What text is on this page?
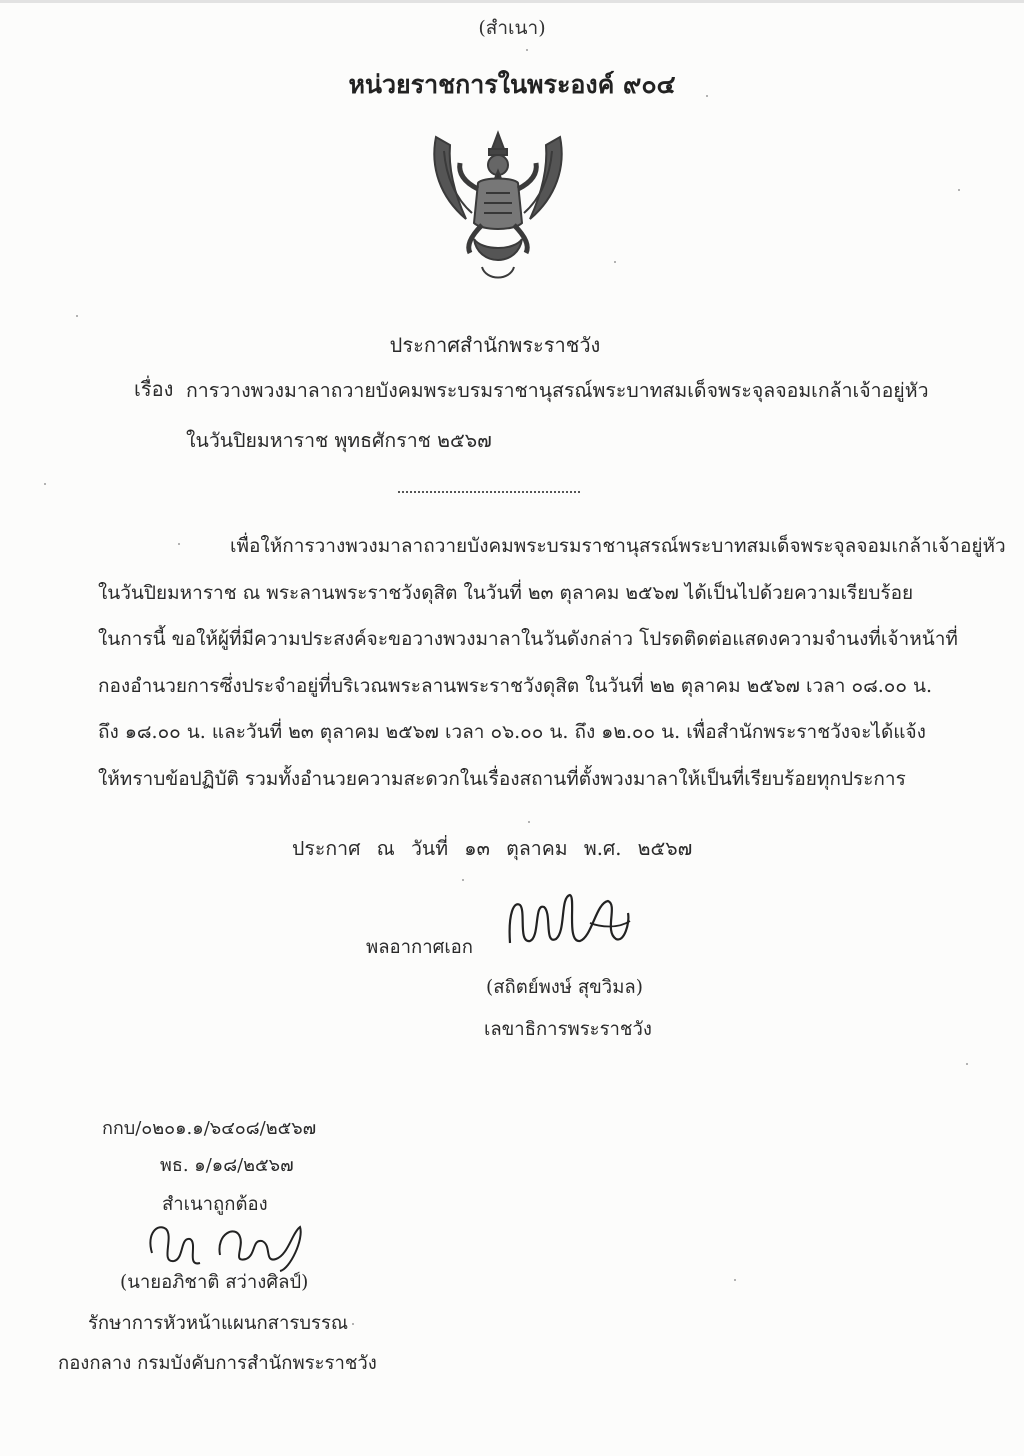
(สำเนา)
หน่วยราชการในพระองค์ ๙๐๔
ประกาศสำนักพระราชวัง
เรื่อง การวางพวงมาลาถวายบังคมพระบรมราชานุสรณ์พระบาทสมเด็จพระจุลจอมเกล้าเจ้าอยู่หัว
ในวันปิยมหาราช พุทธศักราช ๒๕๖๗
เพื่อให้การวางพวงมาลาถวายบังคมพระบรมราชานุสรณ์พระบาทสมเด็จพระจุลจอมเกล้าเจ้าอยู่หัว
ในวันปิยมหาราช ณ พระลานพระราชวังดุสิต ในวันที่ ๒๓ ตุลาคม ๒๕๖๗ ได้เป็นไปด้วยความเรียบร้อย
ในการนี้ ขอให้ผู้ที่มีความประสงค์จะขอวางพวงมาลาในวันดังกล่าว โปรดติดต่อแสดงความจำนงที่เจ้าหน้าที่
กองอำนวยการซึ่งประจำอยู่ที่บริเวณพระลานพระราชวังดุสิต ในวันที่ ๒๒ ตุลาคม ๒๕๖๗ เวลา ๐๘.๐๐ น.
ถึง ๑๘.๐๐ น. และวันที่ ๒๓ ตุลาคม ๒๕๖๗ เวลา ๐๖.๐๐ น. ถึง ๑๒.๐๐ น. เพื่อสำนักพระราชวังจะได้แจ้ง
ให้ทราบข้อปฏิบัติ รวมทั้งอำนวยความสะดวกในเรื่องสถานที่ตั้งพวงมาลาให้เป็นที่เรียบร้อยทุกประการ
ประกาศ ณ วันที่ ๑๓ ตุลาคม พ.ศ. ๒๕๖๗
พลอากาศเอก
(สถิตย์พงษ์ สุขวิมล)
เลขาธิการพระราชวัง
กกบ/๐๒๐๑.๑/๖๔๐๘/๒๕๖๗
พธ. ๑/๑๘/๒๕๖๗
สำเนาถูกต้อง
(นายอภิชาติ สว่างศิลป์)
รักษาการหัวหน้าแผนกสารบรรณ
กองกลาง กรมบังคับการสำนักพระราชวัง
